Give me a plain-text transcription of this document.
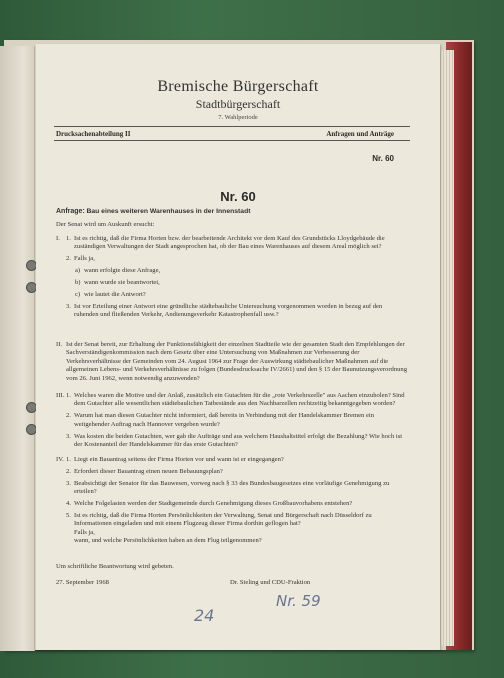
Bremische Bürgerschaft
Stadtbürgerschaft
7. Wahlperiode
Drucksachenabteilung II	Anfragen und Anträge
Nr. 60
Nr. 60
Anfrage: Bau eines weiteren Warenhauses in der Innenstadt
Der Senat wird um Auskunft ersucht:
I. 1. Ist es richtig, daß die Firma Horten bzw. der bearbeitende Architekt vor dem Kauf des Grundstücks Lloydgebäude die zuständigen Verwaltungen der Stadt angesprochen hat, ob der Bau eines Warenhauses auf diesem Areal möglich sei?
2. Falls ja,
a) wann erfolgte diese Anfrage,
b) wann wurde sie beantwortet,
c) wie lautet die Antwort?
3. Ist vor Erteilung einer Antwort eine gründliche städtebauliche Untersuchung vorgenommen worden in bezug auf den ruhenden und fließenden Verkehr, Andienungsverkehr Katastrophenfall usw.?
II. Ist der Senat bereit, zur Erhaltung der Funktionsfähigkeit der einzelnen Stadtteile wie der gesamten Stadt den Empfehlungen der Sachverständigenkommission nach dem Gesetz über eine Untersuchung von Maßnahmen zur Verbesserung der Verkehrsverhältnisse der Gemeinden vom 24. August 1964 zur Frage der Auswirkung städtebaulicher Maßnahmen auf die allgemeinen Lebens- und Verkehrsverhältnisse zu folgen (Bundesdrucksache IV/2661) und den § 15 der Baunutzungsverordnung vom 26. Juni 1962, wenn notwendig anzuwenden?
III. 1. Welches waren die Motive und der Anlaß, zusätzlich ein Gutachten für die „rote Verkehrszelle" aus Aachen einzuholen? Sind dem Gutachter alle wesentlichen städtebaulichen Tatbestände aus den Nachbarzellen rechtzeitig bekanntgegeben worden?
2. Warum hat man diesen Gutachter nicht informiert, daß bereits in Verbindung mit der Handelskammer Bremen ein weitgehender Auftrag nach Hannover vergeben wurde?
3. Was kosten die beiden Gutachten, wer gab die Aufträge und aus welchem Haushaltstitel erfolgt die Bezahlung? Wie hoch ist der Kostenanteil der Handelskammer für das erste Gutachten?
IV. 1. Liegt ein Bauantrag seitens der Firma Horten vor und wann ist er eingegangen?
2. Erfordert dieser Bauantrag einen neuen Bebauungsplan?
3. Beabsichtigt der Senator für das Bauwesen, vorweg nach § 33 des Bundesbaugesetzes eine vorläufige Genehmigung zu erteilen?
4. Welche Folgelasten werden der Stadtgemeinde durch Genehmigung dieses Großbauvorhabens entstehen?
5. Ist es richtig, daß die Firma Horten Persönlichkeiten der Verwaltung, Senat und Bürgerschaft nach Düsseldorf zu Informationen eingeladen und mit einem Flugzeug dieser Firma dorthin geflogen hat?
Falls ja,
wann, und welche Persönlichkeiten haben an dem Flug teilgenommen?
Um schriftliche Beantwortung wird gebeten.
27. September 1968	Dr. Sieling und CDU-Fraktion
24
Nr. 59
